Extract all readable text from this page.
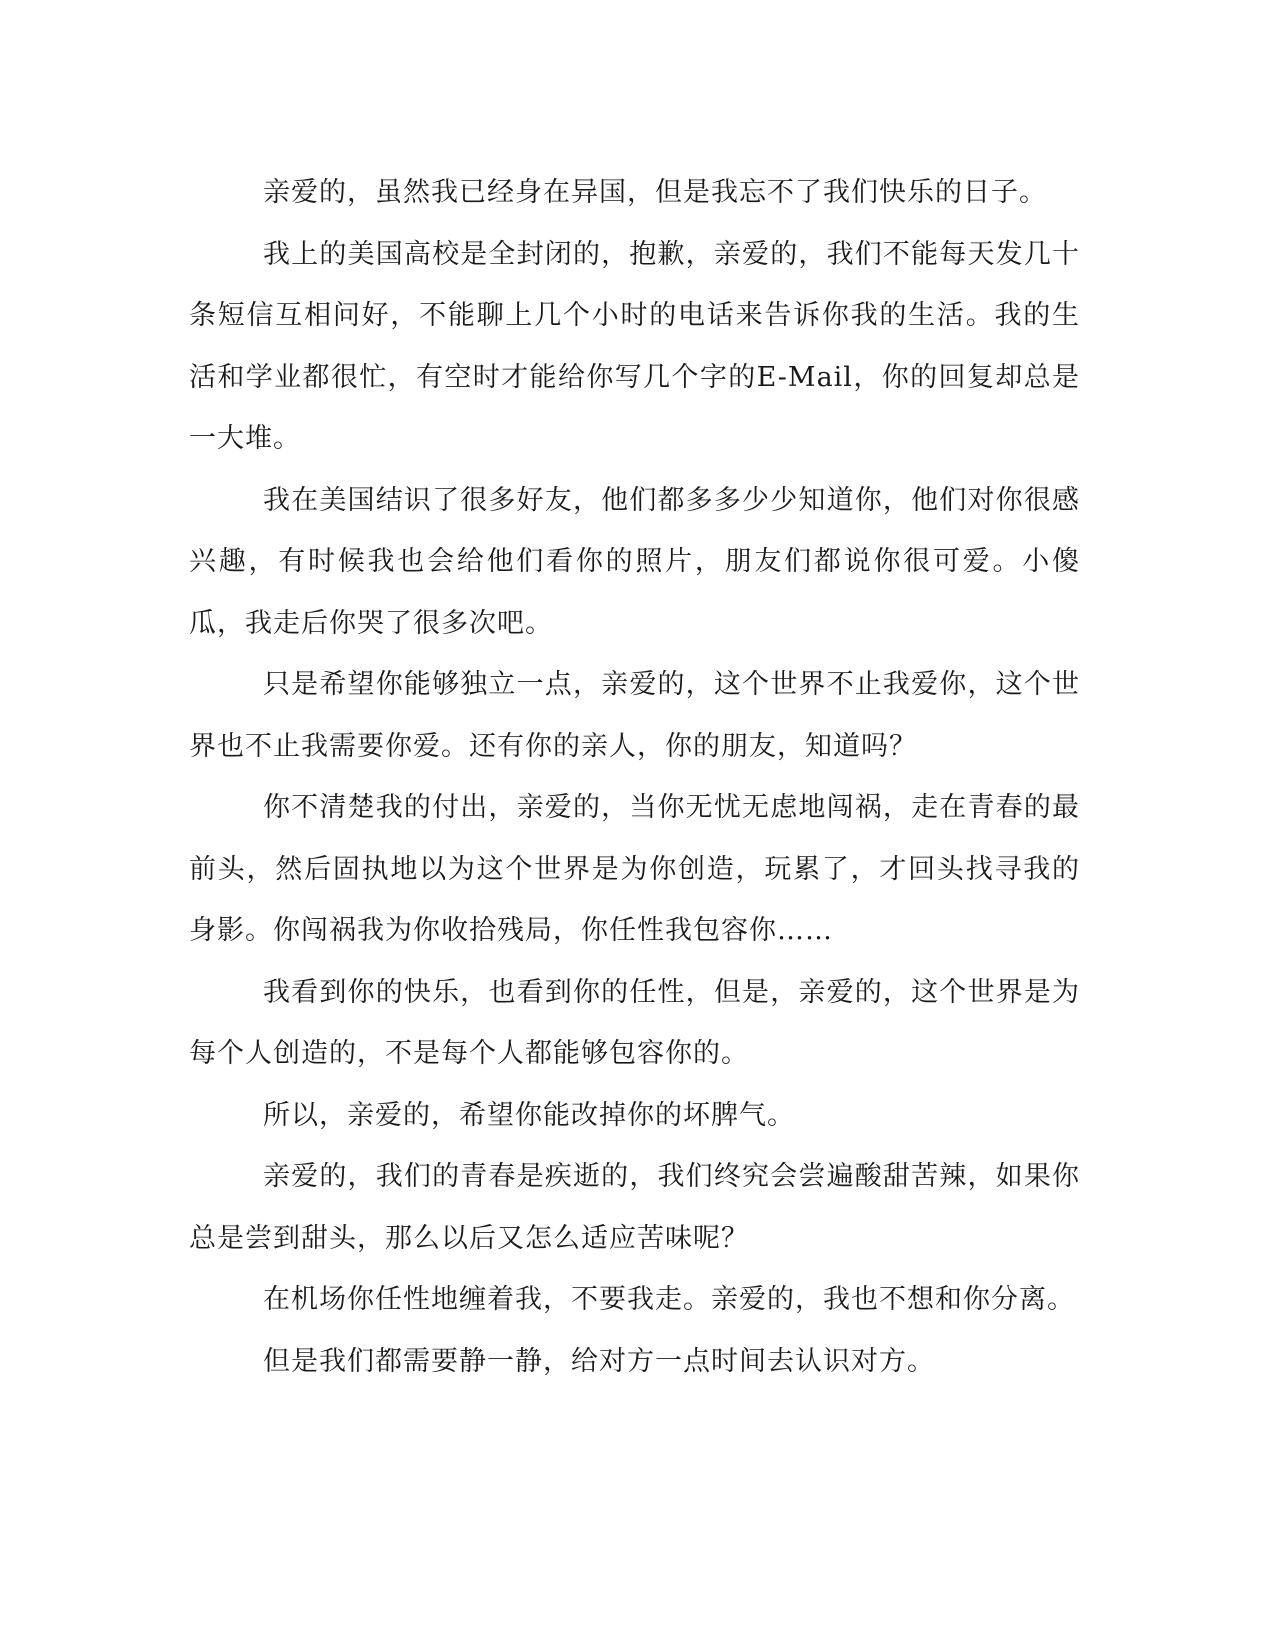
亲爱的，虽然我已经身在异国，但是我忘不了我们快乐的日子。

我上的美国高校是全封闭的，抱歉，亲爱的，我们不能每天发几十条短信互相问好，不能聊上几个小时的电话来告诉你我的生活。我的生活和学业都很忙，有空时才能给你写几个字的E-Mail，你的回复却总是一大堆。

我在美国结识了很多好友，他们都多多少少知道你，他们对你很感兴趣，有时候我也会给他们看你的照片，朋友们都说你很可爱。小傻瓜，我走后你哭了很多次吧。

只是希望你能够独立一点，亲爱的，这个世界不止我爱你，这个世界也不止我需要你爱。还有你的亲人，你的朋友，知道吗？

你不清楚我的付出，亲爱的，当你无忧无虑地闯祸，走在青春的最前头，然后固执地以为这个世界是为你创造，玩累了，才回头找寻我的身影。你闯祸我为你收拾残局，你任性我包容你……

我看到你的快乐，也看到你的任性，但是，亲爱的，这个世界是为每个人创造的，不是每个人都能够包容你的。

所以，亲爱的，希望你能改掉你的坏脾气。

亲爱的，我们的青春是疾逝的，我们终究会尝遍酸甜苦辣，如果你总是尝到甜头，那么以后又怎么适应苦味呢？

在机场你任性地缠着我，不要我走。亲爱的，我也不想和你分离。

但是我们都需要静一静，给对方一点时间去认识对方。
